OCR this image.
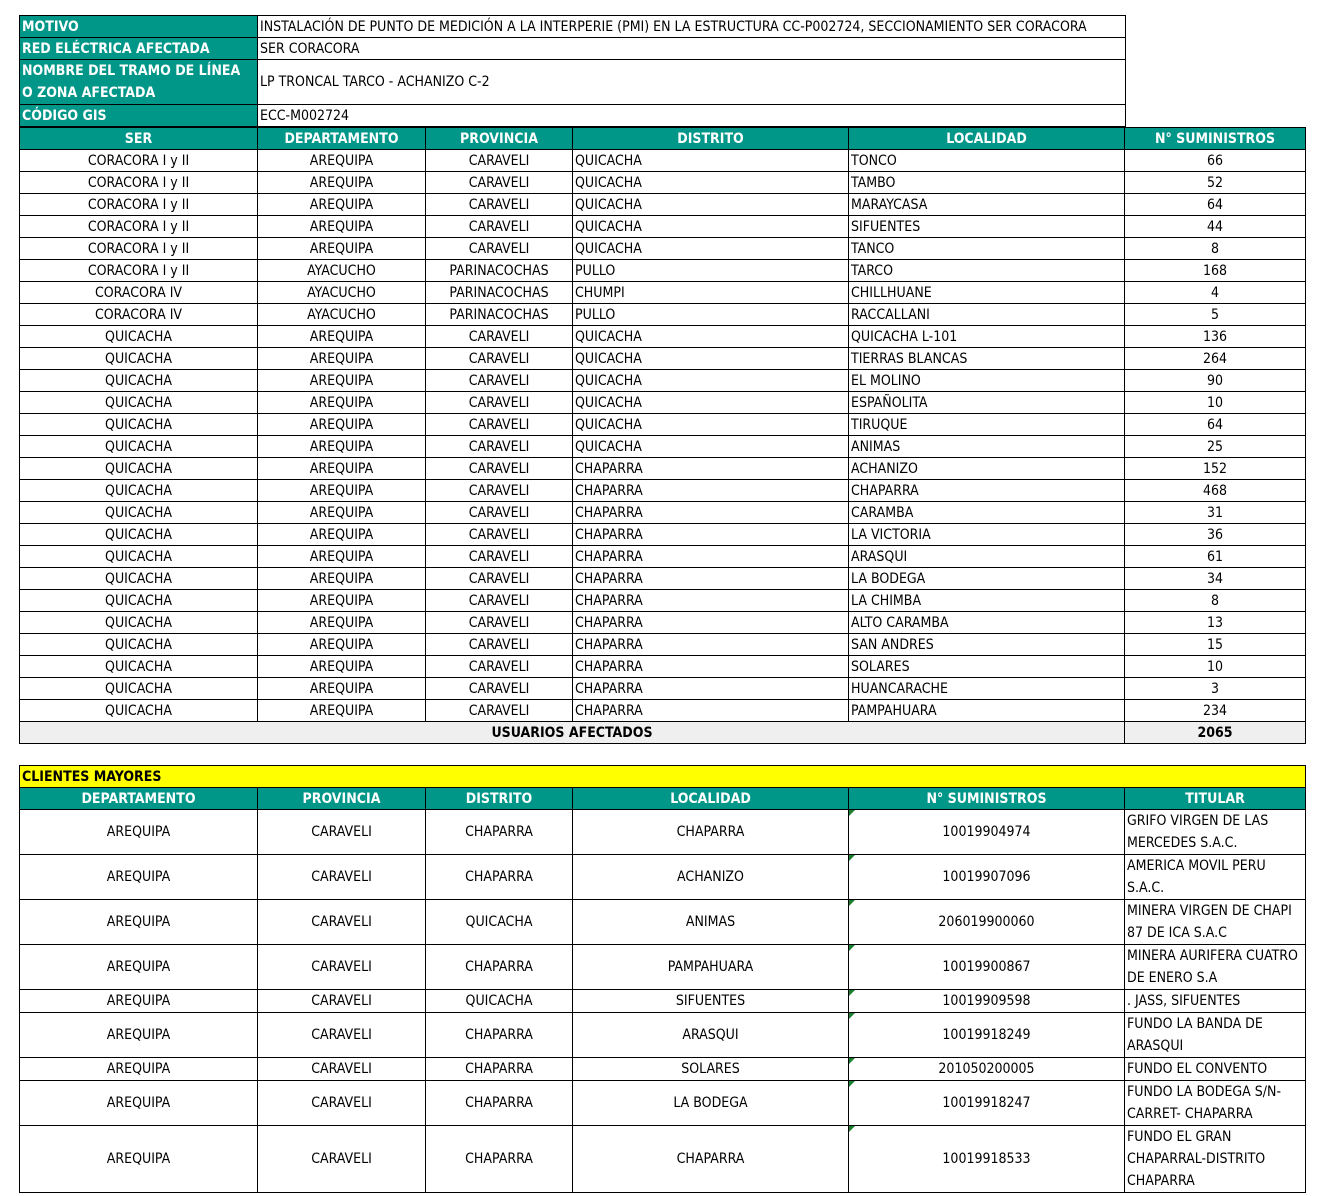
MOTIVO	INSTALACIÓN DE PUNTO DE MEDICIÓN A LA INTERPERIE (PMI) EN LA ESTRUCTURA CC-P002724, SECCIONAMIENTO SER CORACORA
RED ELÉCTRICA AFECTADA	SER CORACORA

NOMBRE DEL TRAMO DE LÍNEA
O ZONA AFECTADA	LP TRONCAL TARCO - ACHANIZO C-2
CÓDIGO GIS	ECC-M002724
SER	DEPARTAMENTO	PROVINCIA	DISTRITO	LOCALIDAD	N° SUMINISTROS
CORACORA I y II	AREQUIPA	CARAVELI	QUICACHA	TONCO	66
CORACORA I y II	AREQUIPA	CARAVELI	QUICACHA	TAMBO	52
CORACORA I y II	AREQUIPA	CARAVELI	QUICACHA	MARAYCASA	64
CORACORA I y II	AREQUIPA	CARAVELI	QUICACHA	SIFUENTES	44
CORACORA I y II	AREQUIPA	CARAVELI	QUICACHA	TANCO	8
CORACORA I y II	AYACUCHO	PARINACOCHAS	PULLO	TARCO	168
CORACORA IV	AYACUCHO	PARINACOCHAS	CHUMPI	CHILLHUANE	4
CORACORA IV	AYACUCHO	PARINACOCHAS	PULLO	RACCALLANI	5
QUICACHA	AREQUIPA	CARAVELI	QUICACHA	QUICACHA L-101	136
QUICACHA	AREQUIPA	CARAVELI	QUICACHA	TIERRAS BLANCAS	264
QUICACHA	AREQUIPA	CARAVELI	QUICACHA	EL MOLINO	90
QUICACHA	AREQUIPA	CARAVELI	QUICACHA	ESPAÑOLITA	10
QUICACHA	AREQUIPA	CARAVELI	QUICACHA	TIRUQUE	64
QUICACHA	AREQUIPA	CARAVELI	QUICACHA	ANIMAS	25
QUICACHA	AREQUIPA	CARAVELI	CHAPARRA	ACHANIZO	152
QUICACHA	AREQUIPA	CARAVELI	CHAPARRA	CHAPARRA	468
QUICACHA	AREQUIPA	CARAVELI	CHAPARRA	CARAMBA	31
QUICACHA	AREQUIPA	CARAVELI	CHAPARRA	LA VICTORIA	36
QUICACHA	AREQUIPA	CARAVELI	CHAPARRA	ARASQUI	61
QUICACHA	AREQUIPA	CARAVELI	CHAPARRA	LA BODEGA	34
QUICACHA	AREQUIPA	CARAVELI	CHAPARRA	LA CHIMBA	8
QUICACHA	AREQUIPA	CARAVELI	CHAPARRA	ALTO CARAMBA	13
QUICACHA	AREQUIPA	CARAVELI	CHAPARRA	SAN ANDRES	15
QUICACHA	AREQUIPA	CARAVELI	CHAPARRA	SOLARES	10
QUICACHA	AREQUIPA	CARAVELI	CHAPARRA	HUANCARACHE	3
QUICACHA	AREQUIPA	CARAVELI	CHAPARRA	PAMPAHUARA	234
USUARIOS AFECTADOS					2065
CLIENTES MAYORES					
DEPARTAMENTO	PROVINCIA	DISTRITO	LOCALIDAD	N° SUMINISTROS	TITULAR
AREQUIPA	CARAVELI	CHAPARRA	CHAPARRA	10019904974	GRIFO VIRGEN DE LAS MERCEDES S.A.C.
AREQUIPA	CARAVELI	CHAPARRA	ACHANIZO	10019907096	AMERICA MOVIL PERU S.A.C.
AREQUIPA	CARAVELI	QUICACHA	ANIMAS	206019900060	MINERA VIRGEN DE CHAPI 87 DE ICA S.A.C
AREQUIPA	CARAVELI	CHAPARRA	PAMPAHUARA	10019900867	MINERA AURIFERA CUATRO DE ENERO S.A
AREQUIPA	CARAVELI	QUICACHA	SIFUENTES	10019909598	. JASS, SIFUENTES
AREQUIPA	CARAVELI	CHAPARRA	ARASQUI	10019918249	FUNDO LA BANDA DE ARASQUI
AREQUIPA	CARAVELI	CHAPARRA	SOLARES	201050200005	FUNDO EL CONVENTO
AREQUIPA	CARAVELI	CHAPARRA	LA BODEGA	10019918247	FUNDO LA BODEGA S/N-CARRET- CHAPARRA
AREQUIPA	CARAVELI	CHAPARRA	CHAPARRA	10019918533	FUNDO EL GRAN CHAPARRAL-DISTRITO CHAPARRA
